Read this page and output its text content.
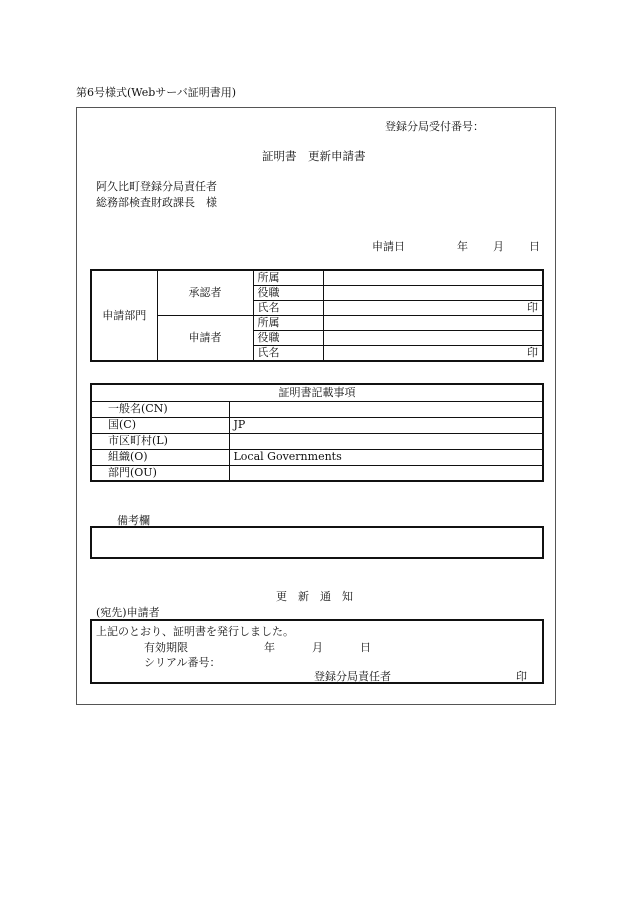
第6号様式(Webサーバ証明書用)
登録分局受付番号：
証明書　更新申請書
阿久比町登録分局責任者
総務部検査財政課長　様
申請日	年 月 日
申請部門	承認者	所属	
		役職	
		氏名	印

	申請者	所属	
		役職	
		氏名	印
証明書記載事項	
一般名(CN)	
国(C)	JP
市区町村(L)	
組織(O)	Local Governments
部門(OU)	
備考欄
更　新　通　知
(宛先)申請者
上記のとおり、証明書を発行しました。
有効期限	年	月	日
シリアル番号：
登録分局責任者	印
